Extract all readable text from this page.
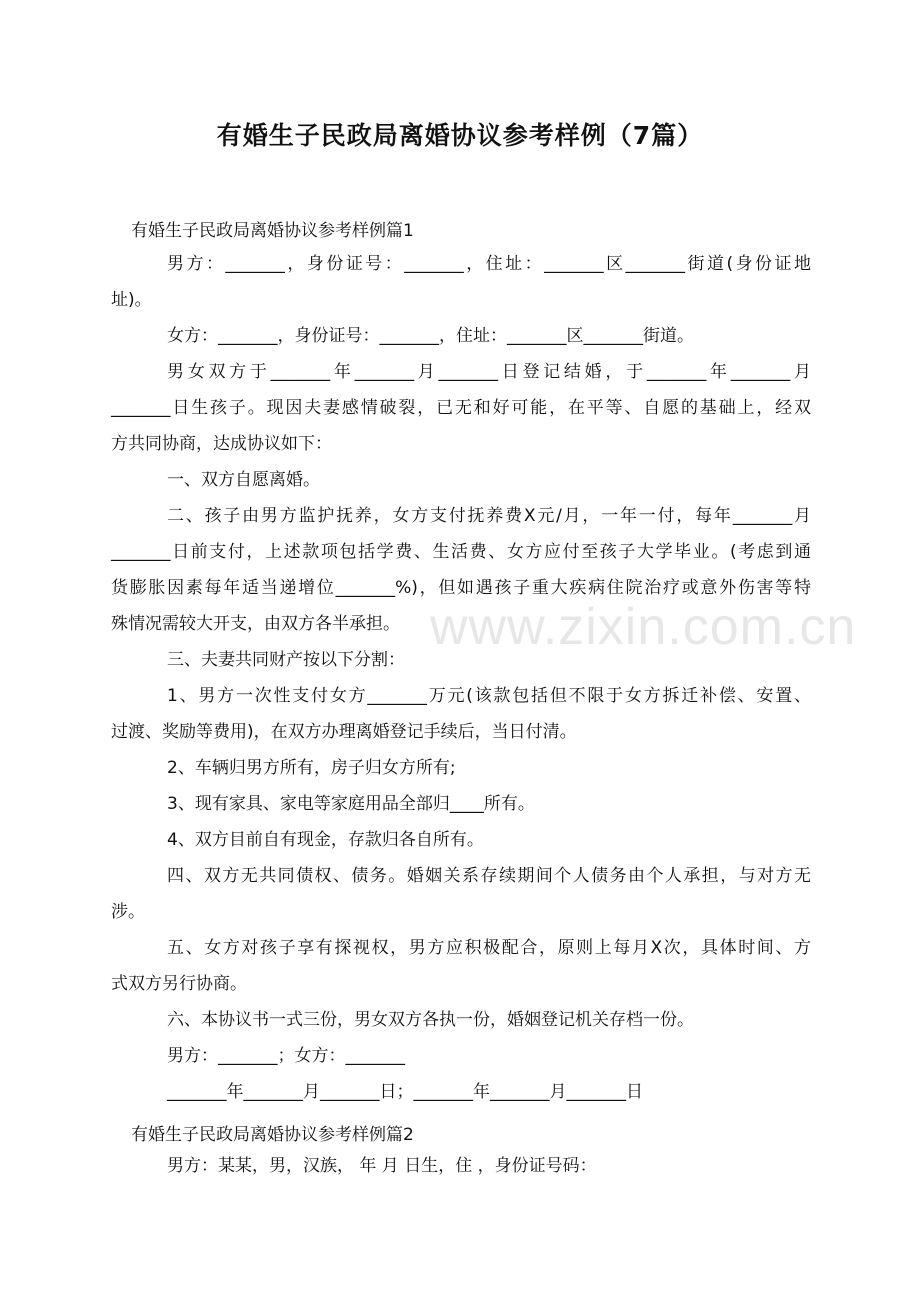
有婚生子民政局离婚协议参考样例（7篇）
有婚生子民政局离婚协议参考样例篇1
男方：_______，身份证号：_______，住址：_______区_______街道(身份证地
址)。
女方：_______，身份证号：_______，住址：_______区_______街道。
男女双方于_______年_______月_______日登记结婚，于_______年_______月
_______日生孩子。现因夫妻感情破裂，已无和好可能，在平等、自愿的基础上，经双
方共同协商，达成协议如下：
一、双方自愿离婚。
二、孩子由男方监护抚养，女方支付抚养费X元/月，一年一付，每年_______月
_______日前支付，上述款项包括学费、生活费、女方应付至孩子大学毕业。(考虑到通
货膨胀因素每年适当递增位_______%)，但如遇孩子重大疾病住院治疗或意外伤害等特
殊情况需较大开支，由双方各半承担。
三、夫妻共同财产按以下分割：
1、男方一次性支付女方_______万元(该款包括但不限于女方拆迁补偿、安置、
过渡、奖励等费用)，在双方办理离婚登记手续后，当日付清。
2、车辆归男方所有，房子归女方所有;
3、现有家具、家电等家庭用品全部归____所有。
4、双方目前自有现金，存款归各自所有。
四、双方无共同债权、债务。婚姻关系存续期间个人债务由个人承担，与对方无
涉。
五、女方对孩子享有探视权，男方应积极配合，原则上每月X次，具体时间、方
式双方另行协商。
六、本协议书一式三份，男女双方各执一份，婚姻登记机关存档一份。
男方：_______；女方：_______
_______年_______月_______日；_______年_______月_______日
有婚生子民政局离婚协议参考样例篇2
男方：某某，男，汉族， 年 月 日生，住 ，身份证号码：
www.zixin.com.cn
